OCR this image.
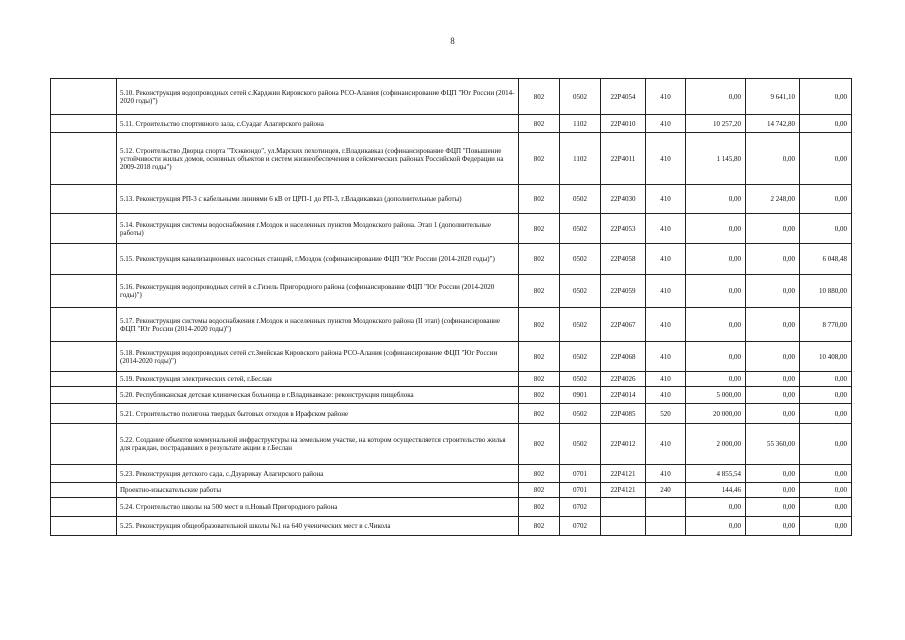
8
	5.10. Реконструкция водопроводных сетей с.Карджин Кировского района РСО-Алания (софинансирование ФЦП "Юг России (2014-2020 годы)")	802	0502	22Р4054	410	0,00	9 641,10	0,00
	5.11. Строительство спортивного зала, с.Суадаг Алагирского района	802	1102	22Р4010	410	10 257,20	14 742,80	0,00
	5.12. Строительство Дворца спорта "Тхэквондо", ул.Марских пехотинцев, г.Владикавказ (софинансирование ФЦП "Повышение устойчивости жилых домов, основных объектов и систем жизнеобеспечения в сейсмических районах Российской Федерации на 2009-2018 годы")	802	1102	22Р4011	410	1 145,80	0,00	0,00
	5.13. Реконструкция РП-3 с кабельными линиями 6 кВ от ЦРП-1 до РП-3, г.Владикавказ (дополнительные работы)	802	0502	22Р4030	410	0,00	2 248,00	0,00
	5.14. Реконструкция системы водоснабжения г.Моздок и населенных пунктов Моздокского района. Этап 1 (дополнительные работы)	802	0502	22Р4053	410	0,00	0,00	0,00
	5.15. Реконструкция канализационных насосных станций, г.Моздок (софинансирование ФЦП "Юг России (2014-2020 годы)")	802	0502	22Р4058	410	0,00	0,00	6 048,48
	5.16. Реконструкция водопроводных сетей в с.Гизель Пригородного района (софинансирование ФЦП "Юг России (2014-2020 годы)")	802	0502	22Р4059	410	0,00	0,00	10 880,00
	5.17. Реконструкция системы водоснабжения г.Моздок и населенных пунктов Моздокского района (II этап) (софинансирование ФЦП "Юг России (2014-2020 годы)")	802	0502	22Р4067	410	0,00	0,00	8 770,00
	5.18. Реконструкция водопроводных сетей ст.Змейская Кировского района РСО-Алания (софинансирование ФЦП "Юг России (2014-2020 годы)")	802	0502	22Р4068	410	0,00	0,00	10 408,00
	5.19. Реконструкция электрических сетей, г.Беслан	802	0502	22Р4026	410	0,00	0,00	0,00
	5.20. Республиканская детская клиническая больница в г.Владикавказе: реконструкция пищеблока	802	0901	22Р4014	410	5 000,00	0,00	0,00
	5.21. Строительство полигона твердых бытовых отходов в Ирафском районе	802	0502	22Р4085	520	20 000,00	0,00	0,00
	5.22. Создание объектов коммунальной инфраструктуры на земельном участке, на котором осуществляется строительство жилья для граждан, пострадавших в результате акции в г.Беслан	802	0502	22Р4012	410	2 000,00	55 360,00	0,00
	5.23. Реконструкция детского сада, с.Дзуарикау Алагирского района	802	0701	22Р4121	410	4 855,54	0,00	0,00
	Проектно-изыскательские работы	802	0701	22Р4121	240	144,46	0,00	0,00
	5.24. Строительство школы на 500 мест в п.Новый Пригородного района	802	0702			0,00	0,00	0,00
	5.25. Реконструкция общеобразовательной школы №1 на 640 ученических мест в с.Чикола	802	0702			0,00	0,00	0,00
